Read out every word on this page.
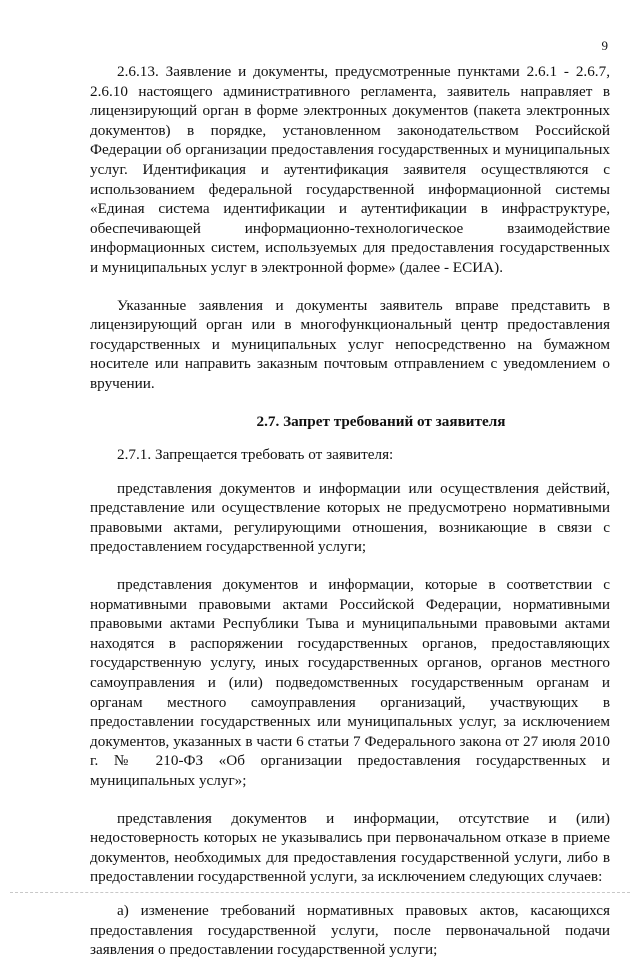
9

2.6.13. Заявление и документы, предусмотренные пунктами 2.6.1 - 2.6.7, 2.6.10 настоящего административного регламента, заявитель направляет в лицензирующий орган в форме электронных документов (пакета электронных документов) в порядке, установленном законодательством Российской Федерации об организации предоставления государственных и муниципальных услуг. Идентификация и аутентификация заявителя осуществляются с использованием федеральной государственной информационной системы «Единая система идентификации и аутентификации в инфраструктуре, обеспечивающей информационно-технологическое взаимодействие информационных систем, используемых для предоставления государственных и муниципальных услуг в электронной форме» (далее - ЕСИА).

Указанные заявления и документы заявитель вправе представить в лицензирующий орган или в многофункциональный центр предоставления государственных и муниципальных услуг непосредственно на бумажном носителе или направить заказным почтовым отправлением с уведомлением о вручении.

2.7. Запрет требований от заявителя

2.7.1. Запрещается требовать от заявителя:

представления документов и информации или осуществления действий, представление или осуществление которых не предусмотрено нормативными правовыми актами, регулирующими отношения, возникающие в связи с предоставлением государственной услуги;

представления документов и информации, которые в соответствии с нормативными правовыми актами Российской Федерации, нормативными правовыми актами Республики Тыва и муниципальными правовыми актами находятся в распоряжении государственных органов, предоставляющих государственную услугу, иных государственных органов, органов местного самоуправления и (или) подведомственных государственным органам и органам местного самоуправления организаций, участвующих в предоставлении государственных или муниципальных услуг, за исключением документов, указанных в части 6 статьи 7 Федерального закона от 27 июля 2010 г. № 210-ФЗ «Об организации предоставления государственных и муниципальных услуг»;

представления документов и информации, отсутствие и (или) недостоверность которых не указывались при первоначальном отказе в приеме документов, необходимых для предоставления государственной услуги, либо в предоставлении государственной услуги, за исключением следующих случаев:

а) изменение требований нормативных правовых актов, касающихся предоставления государственной услуги, после первоначальной подачи заявления о предоставлении государственной услуги;
